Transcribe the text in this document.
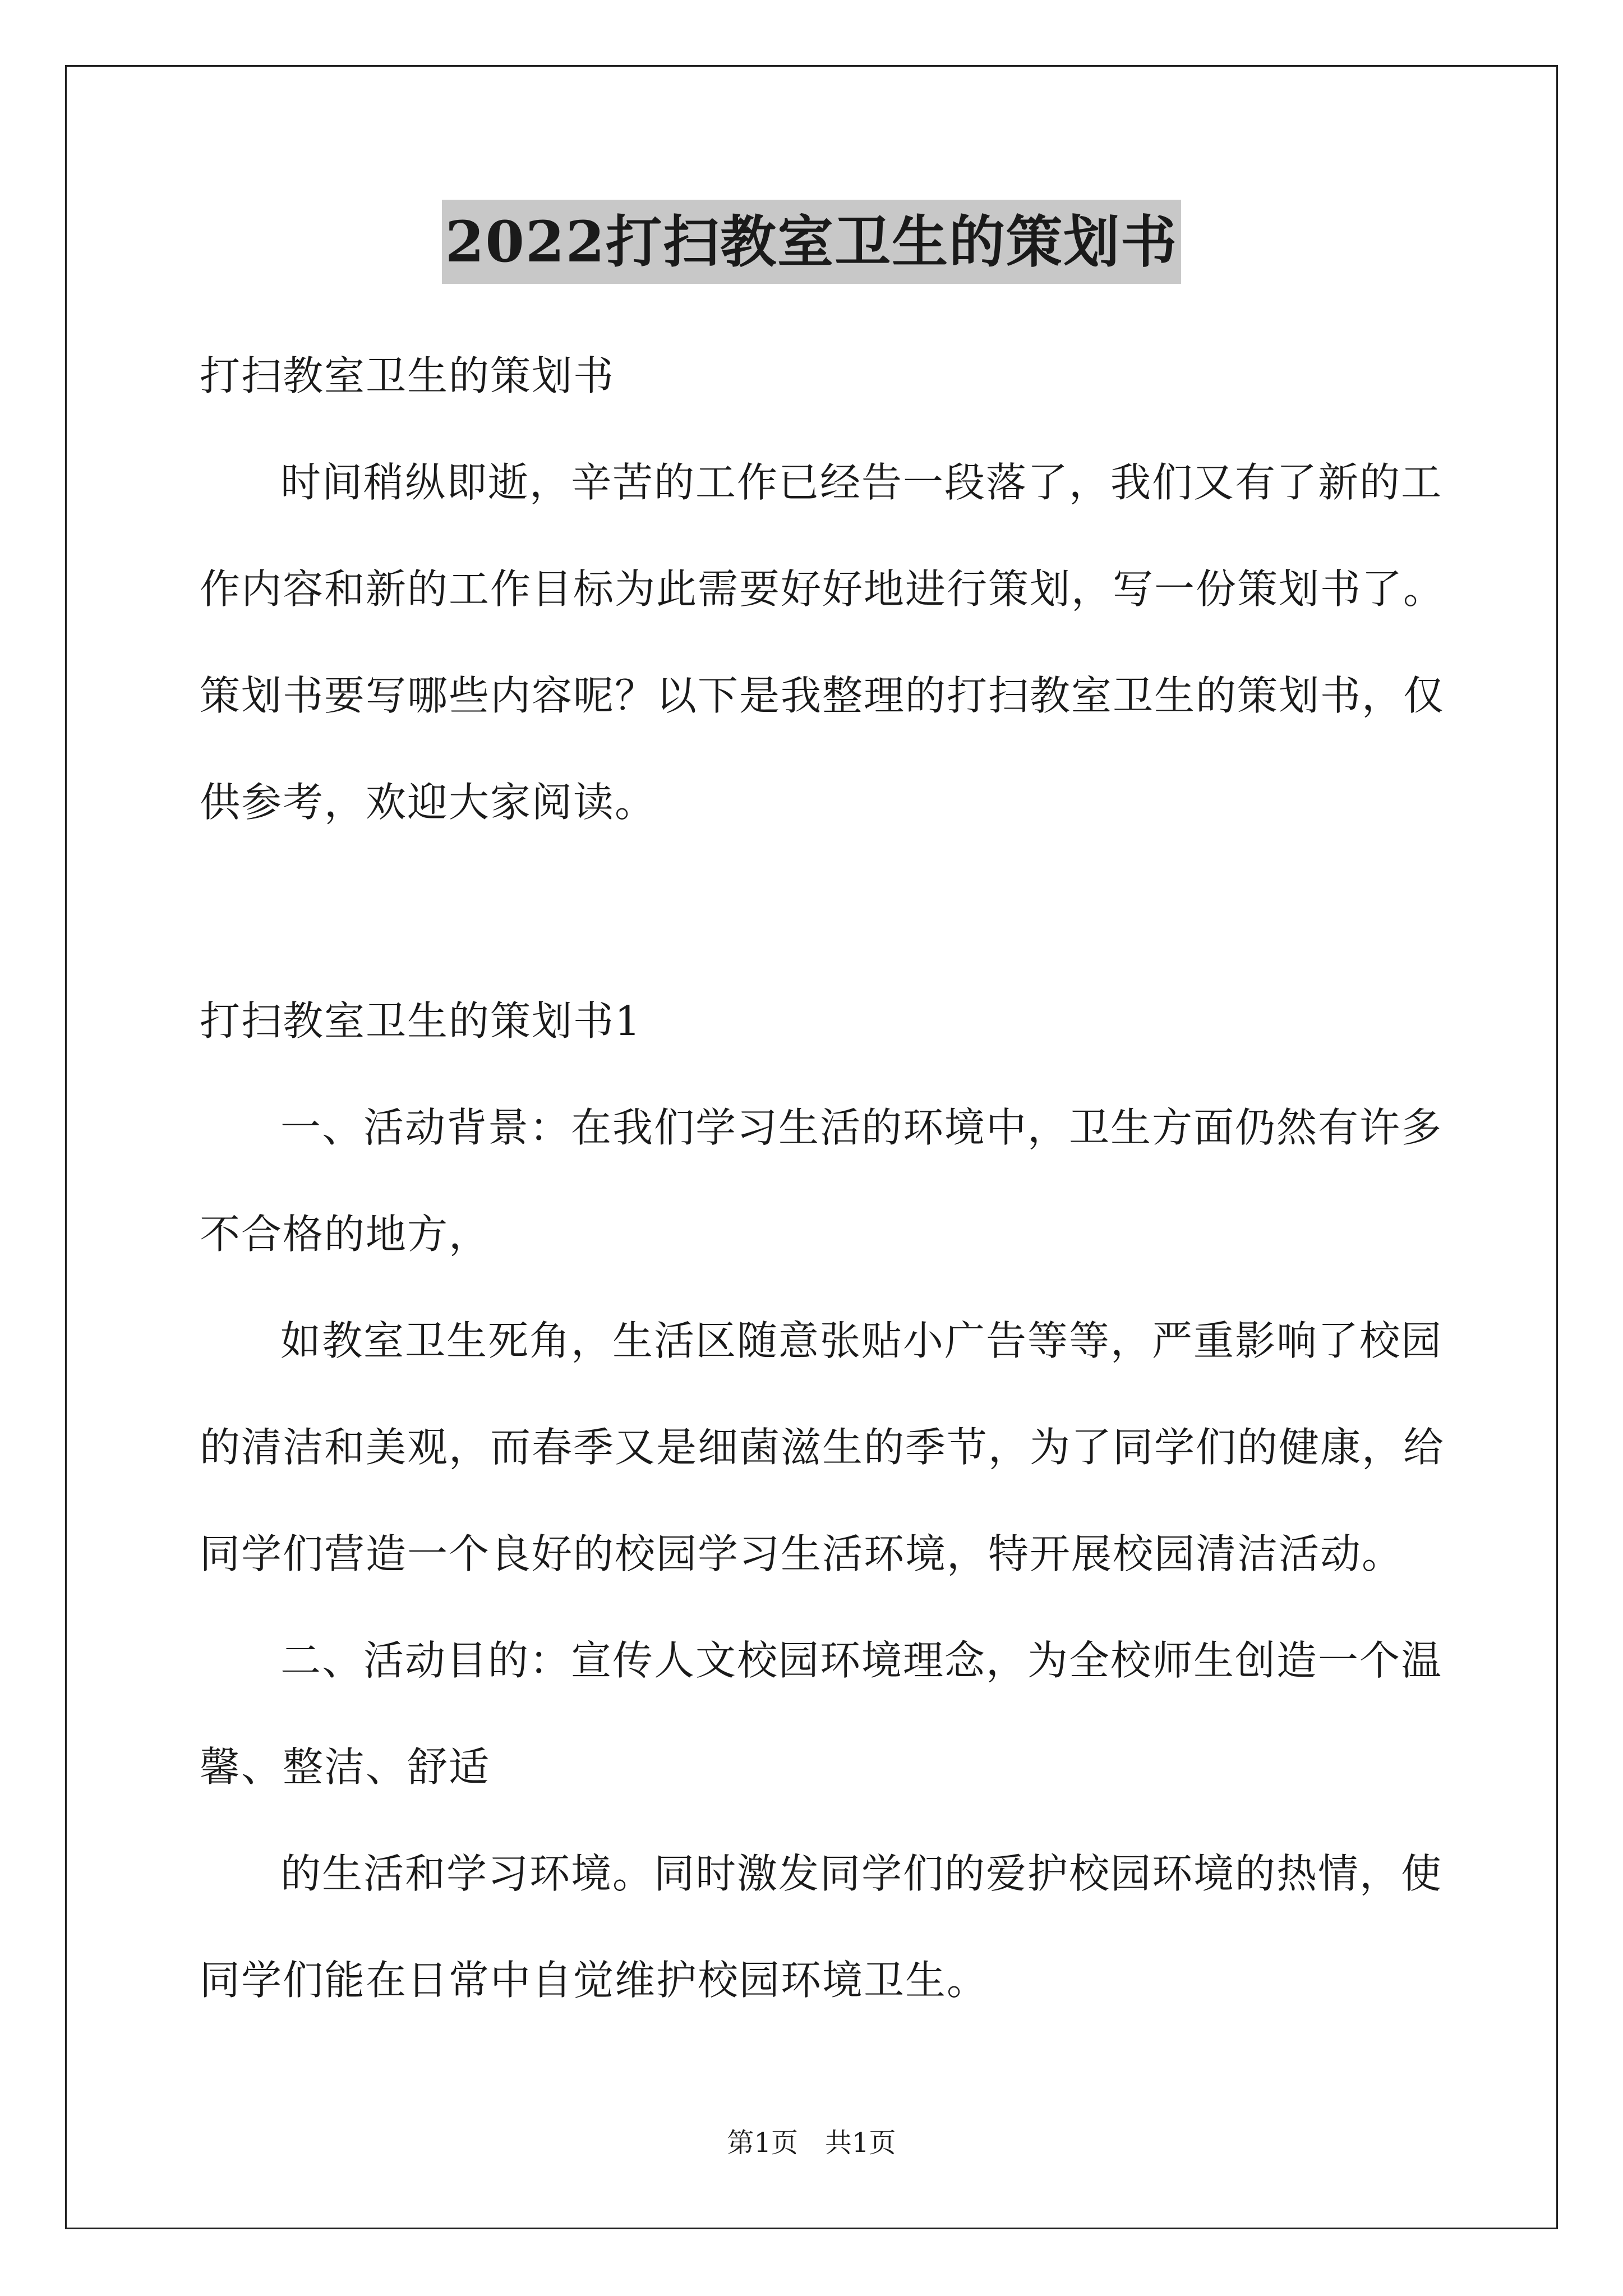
2022打扫教室卫生的策划书

打扫教室卫生的策划书

时间稍纵即逝，辛苦的工作已经告一段落了，我们又有了新的工

作内容和新的工作目标为此需要好好地进行策划，写一份策划书了。

策划书要写哪些内容呢？以下是我整理的打扫教室卫生的策划书，仅

供参考，欢迎大家阅读。

打扫教室卫生的策划书1

一、活动背景：在我们学习生活的环境中，卫生方面仍然有许多

不合格的地方，

如教室卫生死角，生活区随意张贴小广告等等，严重影响了校园

的清洁和美观，而春季又是细菌滋生的季节，为了同学们的健康，给

同学们营造一个良好的校园学习生活环境，特开展校园清洁活动。

二、活动目的：宣传人文校园环境理念，为全校师生创造一个温

馨、整洁、舒适

的生活和学习环境。同时激发同学们的爱护校园环境的热情，使

同学们能在日常中自觉维护校园环境卫生。

第1页　共1页
